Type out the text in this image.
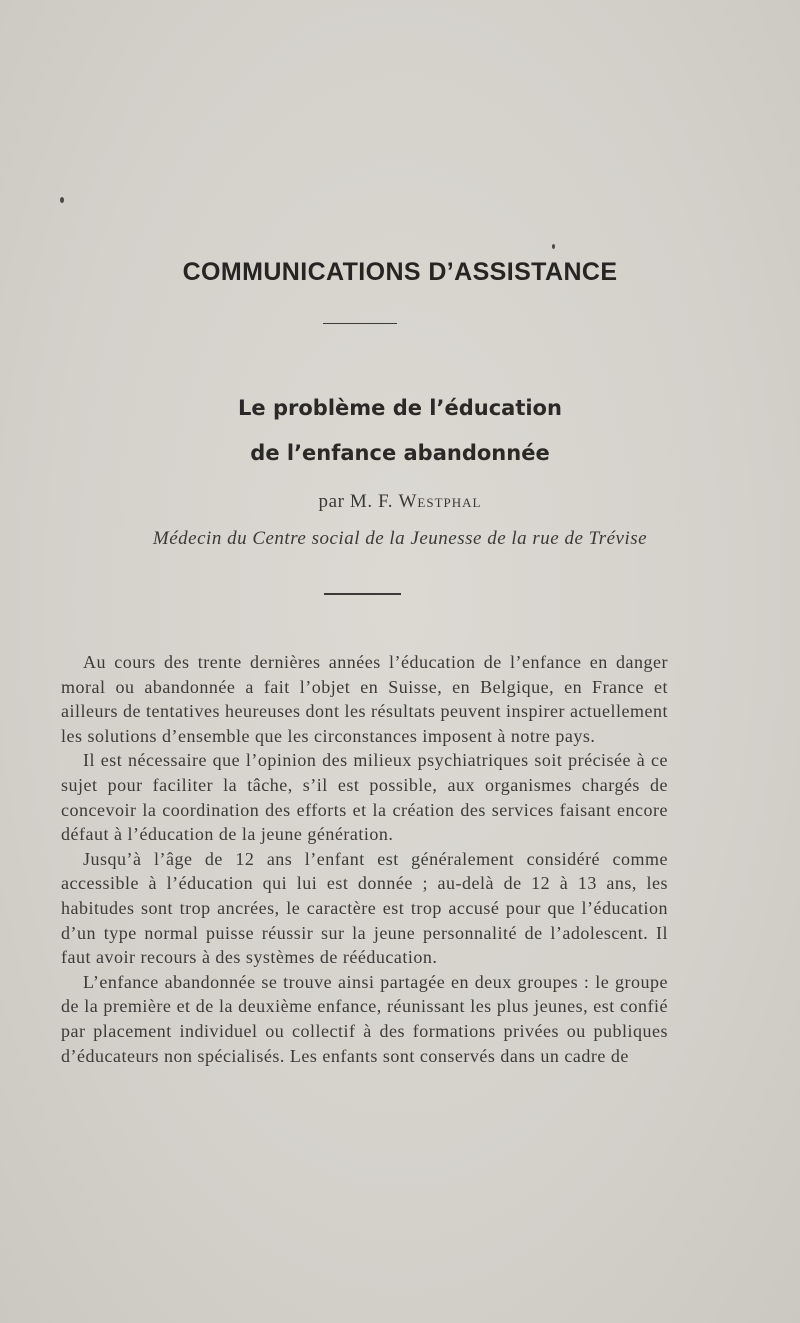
COMMUNICATIONS D’ASSISTANCE
Le problème de l’éducation
de l’enfance abandonnée
par M. F. Westphal
Médecin du Centre social de la Jeunesse de la rue de Trévise

Au cours des trente dernières années l’éducation de l’enfance en danger moral ou abandonnée a fait l’objet en Suisse, en Belgique, en France et ailleurs de tentatives heureuses dont les résultats peuvent inspirer actuellement les solutions d’ensemble que les circonstances imposent à notre pays.

Il est nécessaire que l’opinion des milieux psychiatriques soit précisée à ce sujet pour faciliter la tâche, s’il est possible, aux organismes chargés de concevoir la coordination des efforts et la création des services faisant encore défaut à l’éducation de la jeune génération.

Jusqu’à l’âge de 12 ans l’enfant est généralement considéré comme accessible à l’éducation qui lui est donnée ; au-delà de 12 à 13 ans, les habitudes sont trop ancrées, le caractère est trop accusé pour que l’éducation d’un type normal puisse réussir sur la jeune personnalité de l’adolescent. Il faut avoir recours à des systèmes de rééducation.

L’enfance abandonnée se trouve ainsi partagée en deux groupes : le groupe de la première et de la deuxième enfance, réunissant les plus jeunes, est confié par placement individuel ou collectif à des formations privées ou publiques d’éducateurs non spécialisés. Les enfants sont conservés dans un cadre de
